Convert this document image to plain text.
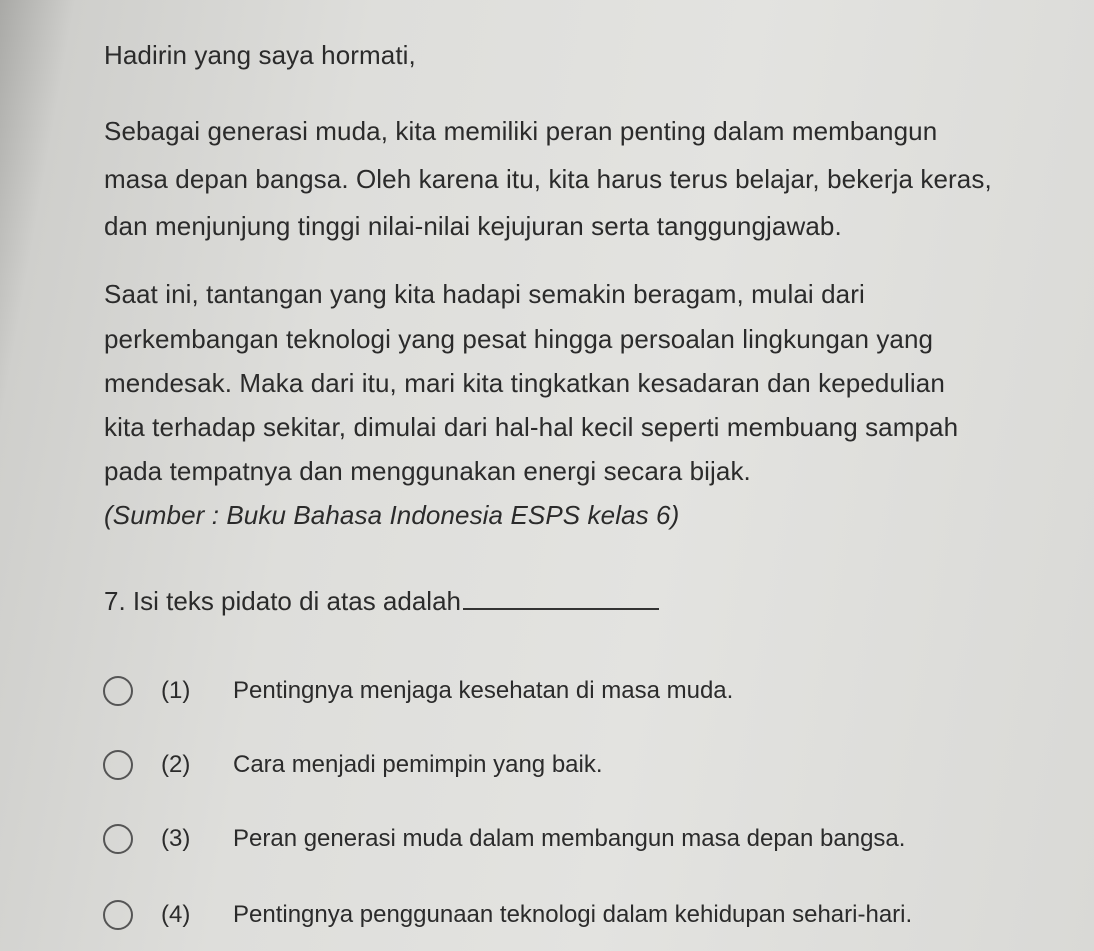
Hadirin yang saya hormati,
Sebagai generasi muda, kita memiliki peran penting dalam membangun
masa depan bangsa. Oleh karena itu, kita harus terus belajar, bekerja keras,
dan menjunjung tinggi nilai-nilai kejujuran serta tanggungjawab.
Saat ini, tantangan yang kita hadapi semakin beragam, mulai dari
perkembangan teknologi yang pesat hingga persoalan lingkungan yang
mendesak. Maka dari itu, mari kita tingkatkan kesadaran dan kepedulian
kita terhadap sekitar, dimulai dari hal-hal kecil seperti membuang sampah
pada tempatnya dan menggunakan energi secara bijak.
(Sumber : Buku Bahasa Indonesia ESPS kelas 6)
7. Isi teks pidato di atas adalah
(1)	Pentingnya menjaga kesehatan di masa muda.
(2)	Cara menjadi pemimpin yang baik.
(3)	Peran generasi muda dalam membangun masa depan bangsa.
(4)	Pentingnya penggunaan teknologi dalam kehidupan sehari-hari.
